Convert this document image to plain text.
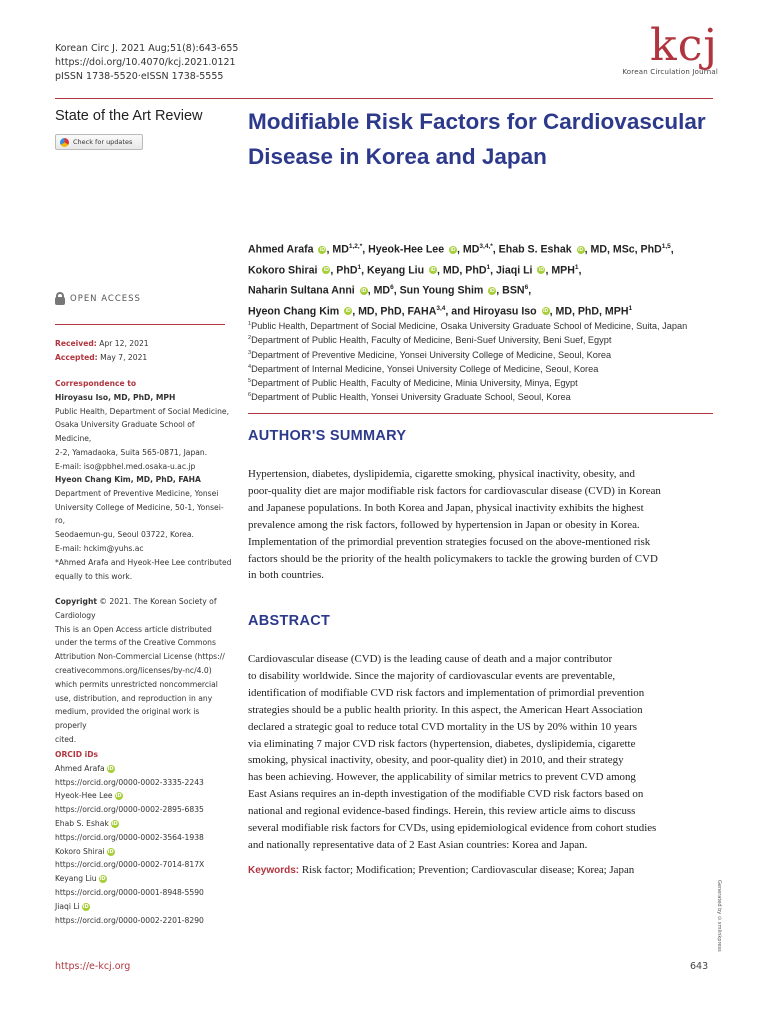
Korean Circ J. 2021 Aug;51(8):643-655
https://doi.org/10.4070/kcj.2021.0121
pISSN 1738-5520·eISSN 1738-5555
kcj
Korean Circulation Journal
State of the Art Review
Check for updates
OPEN ACCESS
Received: Apr 12, 2021
Accepted: May 7, 2021
Correspondence to
Hiroyasu Iso, MD, PhD, MPH
Public Health, Department of Social Medicine,
Osaka University Graduate School of Medicine,
2-2, Yamadaoka, Suita 565-0871, Japan.
E-mail: iso@pbhel.med.osaka-u.ac.jp
Hyeon Chang Kim, MD, PhD, FAHA
Department of Preventive Medicine, Yonsei
University College of Medicine, 50-1, Yonsei-ro,
Seodaemun-gu, Seoul 03722, Korea.
E-mail: hckim@yuhs.ac
*Ahmed Arafa and Hyeok-Hee Lee contributed
equally to this work.
Copyright © 2021. The Korean Society of
Cardiology
This is an Open Access article distributed
under the terms of the Creative Commons
Attribution Non-Commercial License (https://
creativecommons.org/licenses/by-nc/4.0)
which permits unrestricted noncommercial
use, distribution, and reproduction in any
medium, provided the original work is properly
cited.
ORCID iDs
Ahmed Arafa iD
https://orcid.org/0000-0002-3335-2243
Hyeok-Hee Lee iD
https://orcid.org/0000-0002-2895-6835
Ehab S. Eshak iD
https://orcid.org/0000-0002-3564-1938
Kokoro Shirai iD
https://orcid.org/0000-0002-7014-817X
Keyang Liu iD
https://orcid.org/0000-0001-8948-5590
Jiaqi Li iD
https://orcid.org/0000-0002-2201-8290
Modifiable Risk Factors for Cardiovascular Disease in Korea and Japan
Ahmed Arafa iD , $MD^{1,2,*}$, Hyeok-Hee Lee iD , $MD^{3,4,*}$, Ehab S. Eshak iD , MD, MSc, PhD$^{1,5}$,
Kokoro Shirai iD , PhD$^1$, Keyang Liu iD , MD, PhD$^1$, Jiaqi Li iD , MPH$^1$,
Naharin Sultana Anni iD , $MD^6$, Sun Young Shim iD , BSN$^6$,
Hyeon Chang Kim iD , MD, PhD, FAHA$^{3,4}$, and Hiroyasu Iso iD , MD, PhD, MPH$^1$
$^1$Public Health, Department of Social Medicine, Osaka University Graduate School of Medicine, Suita, Japan
$^2$Department of Public Health, Faculty of Medicine, Beni-Suef University, Beni Suef, Egypt
$^3$Department of Preventive Medicine, Yonsei University College of Medicine, Seoul, Korea
$^4$Department of Internal Medicine, Yonsei University College of Medicine, Seoul, Korea
$^5$Department of Public Health, Faculty of Medicine, Minia University, Minya, Egypt
$^6$Department of Public Health, Yonsei University Graduate School, Seoul, Korea
AUTHOR'S SUMMARY
Hypertension, diabetes, dyslipidemia, cigarette smoking, physical inactivity, obesity, and
poor-quality diet are major modifiable risk factors for cardiovascular disease (CVD) in Korean
and Japanese populations. In both Korea and Japan, physical inactivity exhibits the highest
prevalence among the risk factors, followed by hypertension in Japan or obesity in Korea.
Implementation of the primordial prevention strategies focused on the above-mentioned risk
factors should be the priority of the health policymakers to tackle the growing burden of CVD
in both countries.
ABSTRACT
Cardiovascular disease (CVD) is the leading cause of death and a major contributor
to disability worldwide. Since the majority of cardiovascular events are preventable,
identification of modifiable CVD risk factors and implementation of primordial prevention
strategies should be a public health priority. In this aspect, the American Heart Association
declared a strategic goal to reduce total CVD mortality in the US by 20% within 10 years
via eliminating 7 major CVD risk factors (hypertension, diabetes, dyslipidemia, cigarette
smoking, physical inactivity, obesity, and poor-quality diet) in 2010, and their strategy
has been achieving. However, the applicability of similar metrics to prevent CVD among
East Asians requires an in-depth investigation of the modifiable CVD risk factors based on
national and regional evidence-based findings. Herein, this review article aims to discuss
several modifiable risk factors for CVDs, using epidemiological evidence from cohort studies
and nationally representative data of 2 East Asian countries: Korea and Japan.
Keywords: Risk factor; Modification; Prevention; Cardiovascular disease; Korea; Japan
https://e-kcj.org	643
Generated by ⊙ xmlinkpress
